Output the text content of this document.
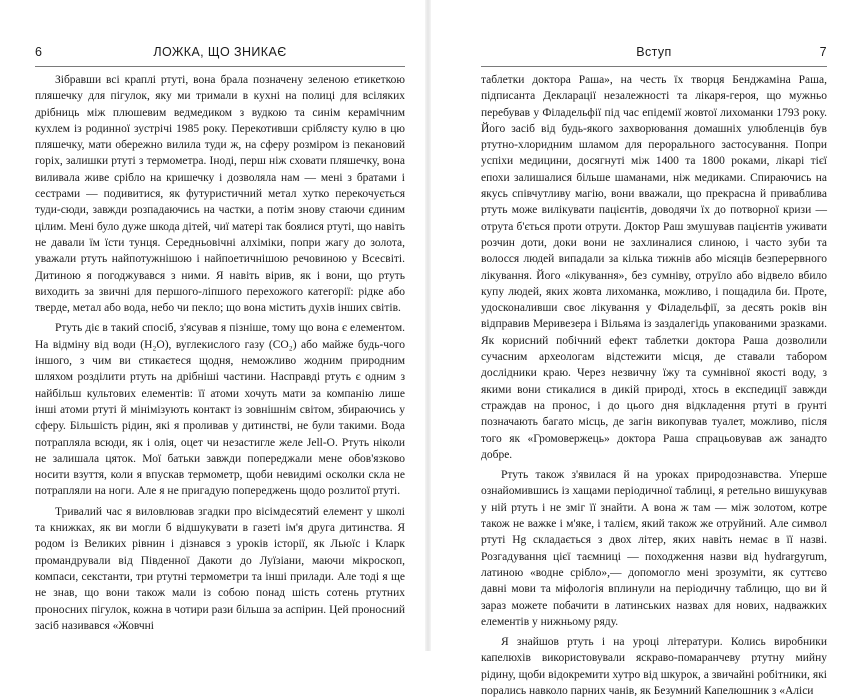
6	ЛОЖКА, ЩО ЗНИКАЄ

Зібравши всі краплі ртуті, вона брала позначену зеленою етикеткою пляшечку для пігулок, яку ми тримали в кухні на полиці для всіляких дрібниць між плюшевим ведмедиком з вудкою та синім керамічним кухлем із родинної зустрічі 1985 року. Перекотивши сріблясту кулю в цю пляшечку, мати обережно вилила туди ж, на сферу розміром із пекановий горіх, залишки ртуті з термометра. Іноді, перш ніж сховати пляшечку, вона виливала живе срібло на кришечку і дозволяла нам — мені з братами і сестрами — подивитися, як футуристичний метал хутко перекочується туди-сюди, завжди розпадаючись на частки, а потім знову стаючи єдиним цілим. Мені було дуже шкода дітей, чиї матері так боялися ртуті, що навіть не давали їм їсти тунця. Середньовічні алхіміки, попри жагу до золота, уважали ртуть найпотужнішою і найпоетичнішою речовиною у Всесвіті. Дитиною я погоджувався з ними. Я навіть вірив, як і вони, що ртуть виходить за звичні для першого-ліпшого перехожого категорії: рідке або тверде, метал або вода, небо чи пекло; що вона містить духів інших світів.

Ртуть діє в такий спосіб, з'ясував я пізніше, тому що вона є елементом. На відміну від води (H₂O), вуглекислого газу (CO₂) або майже будь-чого іншого, з чим ви стикаєтеся щодня, неможливо жодним природним шляхом розділити ртуть на дрібніші частини. Насправді ртуть є одним з найбільш культових елементів: її атоми хочуть мати за компанію лише інші атоми ртуті й мінімізують контакт із зовнішнім світом, збираючись у сферу. Більшість рідин, які я проливав у дитинстві, не були такими. Вода потраплялa всюди, як і олія, оцет чи незастигле желе Jell-O. Ртуть ніколи не залишала цяток. Мої батьки завжди попереджали мене обов'язково носити взуття, коли я впускав термометр, щоби невидимі осколки скла не потрапляли на ноги. Але я не пригадую попереджень щодо розлитої ртуті.

Тривалий час я виловлював згадки про вісімдесятий елемент у школі та книжках, як ви могли б відшукувати в газеті ім'я друга дитинства. Я родом із Великих рівнин і дізнався з уроків історії, як Льюїс і Кларк промандрували від Південної Дакоти до Луїзіани, маючи мікроскоп, компаси, секстанти, три ртутні термометри та інші прилади. Але тоді я ще не знав, що вони також мали із собою понад шість сотень ртутних проносних пігулок, кожна в чотири рази більша за аспірин. Цей проносний засіб називався «Жовчні

Вступ	7

таблетки доктора Раша», на честь їх творця Бенджаміна Раша, підписанта Декларації незалежності та лікаря-героя, що мужньо перебував у Філадельфії під час епідемії жовтої лихоманки 1793 року. Його засіб від будь-якого захворювання домашніх улюбленців був ртутно-хлоридним шламом для перорального застосування. Попри успіхи медицини, досягнуті між 1400 та 1800 роками, лікарі тієї епохи залишалися більше шаманами, ніж медиками. Спираючись на якусь співчутливу магію, вони вважали, що прекрасна й привабливa ртуть може вилікувати пацієнтів, доводячи їх до потворної кризи — отрута б'ється проти отрути. Доктор Раш змушував пацієнтів уживати розчин доти, доки вони не захлиналися слиною, і часто зуби та волосся людей випадали за кілька тижнів або місяців безперервного лікування. Його «лікування», без сумніву, отруїло або відвело вбило купу людей, яких жовта лихоманка, можливо, і пощадила би. Проте, удосконаливши своє лікування у Філадельфії, за десять років він відправив Меривезера і Вільяма із заздалегідь упакованими зразками. Як корисний побічний ефект таблетки доктора Раша дозволили сучасним археологам відстежити місця, де ставали табором дослідники краю. Через незвичну їжу та сумнівної якості воду, з якими вони стикалися в дикій природі, хтось в експедиції завжди страждав на пронос, і до цього дня відкладення ртуті в ґрунті позначають багато місць, де загін викопував туалет, можливо, після того як «Громовержець» доктора Раша спрацьовував аж занадто добре.

Ртуть також з'явилася й на уроках природознавства. Уперше ознайомившись із хащами періодичної таблиці, я ретельно вишукував у ній ртуть і не зміг її знайти. А вона ж там — між золотом, котре також не важке і м'яке, і талієм, який також же отруйний. Але символ ртуті Hg складається з двох літер, яких навіть немає в її назві. Розгадування цієї таємниці — походження назви від hydrargyrum, латиною «водне срібло»,— допомогло мені зрозуміти, як суттєво давні мови та міфологія вплинули на періодичну таблицю, що ви й зараз можете побачити в латинських назвах для нових, надважких елементів у нижньому ряду.

Я знайшов ртуть і на уроці літератури. Колись виробники капелюхів використовували яскраво-помаранчеву ртутну мийну рідину, щоби відокремити хутро від шкурок, а звичайні робітники, які порались навколо парних чанів, як Безумний Капелюшник з «Аліси
